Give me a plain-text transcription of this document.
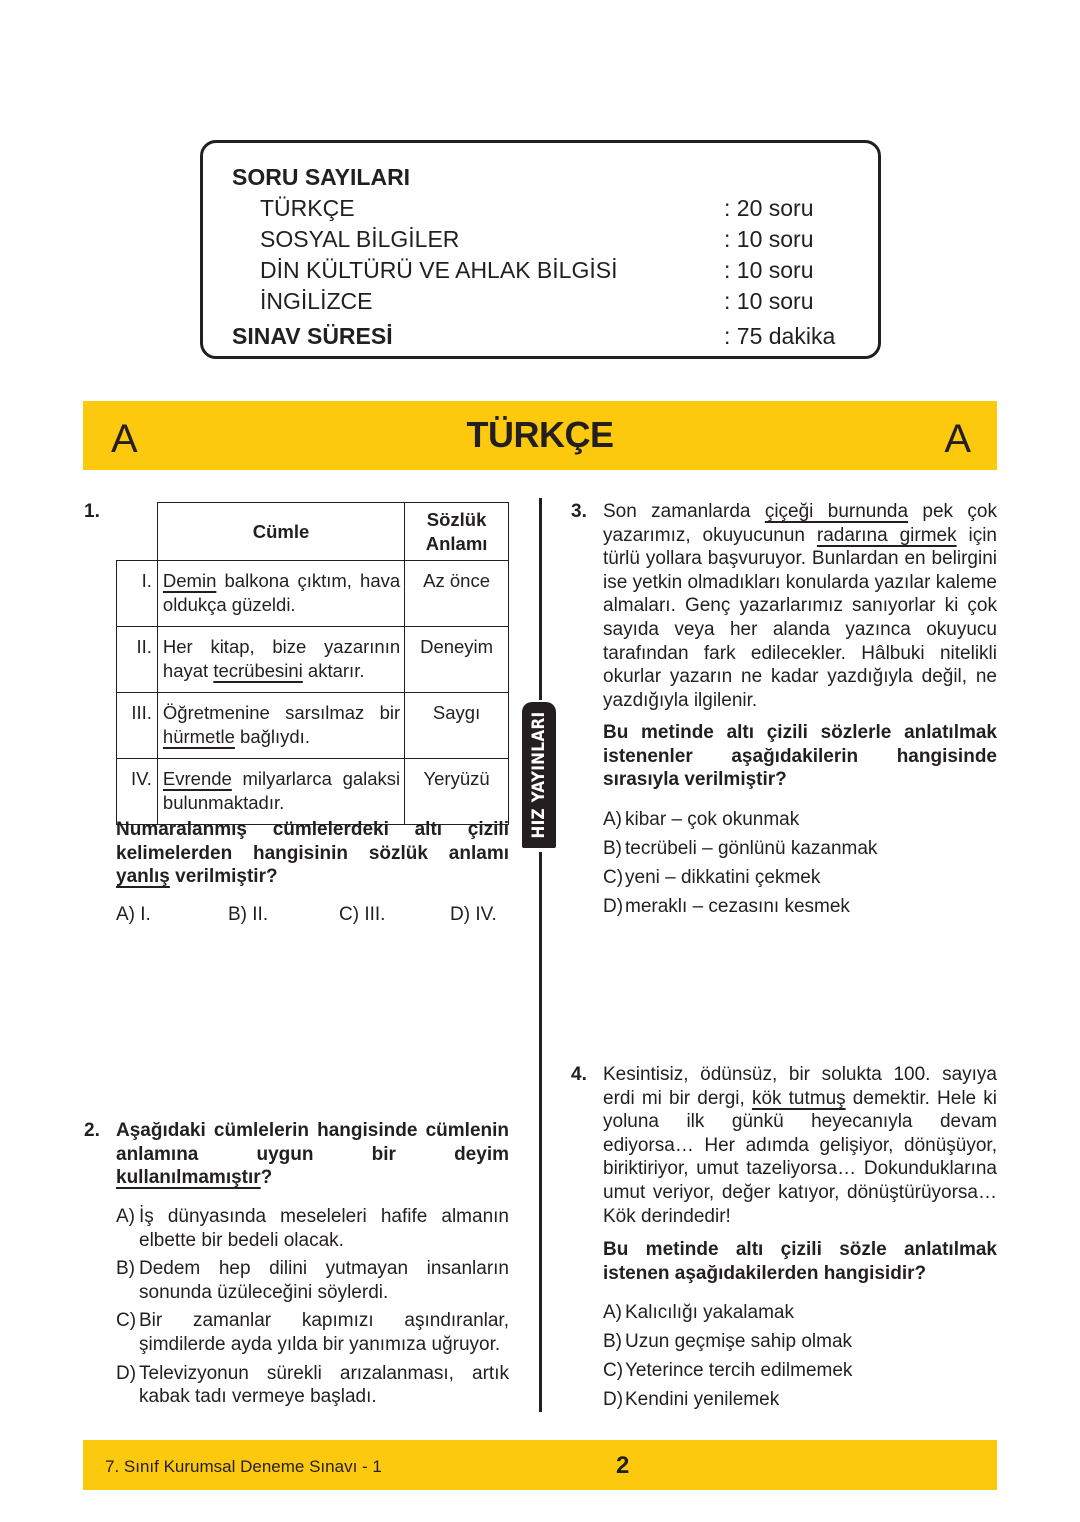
SORU SAYILARI
TÜRKÇE	: 20 soru
SOSYAL BİLGİLER	: 10 soru
DİN KÜLTÜRÜ VE AHLAK BİLGİSİ	: 10 soru
İNGİLİZCE	: 10 soru
SINAV SÜRESİ	: 75 dakika
A	TÜRKÇE	A
HIZ YAYINLARI
1.
	Cümle	Sözlük Anlamı
I.	Demin balkona çıktım, hava oldukça güzeldi.	Az önce
II.	Her kitap, bize yazarının hayat tecrübesini aktarır.	Deneyim
III.	Öğretmenine sarsılmaz bir hürmetle bağlıydı.	Saygı
IV.	Evrende milyarlarca galaksi bulunmaktadır.	Yeryüzü
Numaralanmış cümlelerdeki altı çizili kelimelerden hangisinin sözlük anlamı yanlış verilmiştir?
A) I.	B) II.	C) III.	D) IV.
2. Aşağıdaki cümlelerin hangisinde cümlenin anlamına uygun bir deyim kullanılmamıştır?
A) İş dünyasında meseleleri hafife almanın elbette bir bedeli olacak.
B) Dedem hep dilini yutmayan insanların sonunda üzüleceğini söylerdi.
C) Bir zamanlar kapımızı aşındıranlar, şimdilerde ayda yılda bir yanımıza uğruyor.
D) Televizyonun sürekli arızalanması, artık kabak tadı vermeye başladı.
3. Son zamanlarda çiçeği burnunda pek çok yazarımız, okuyucunun radarına girmek için türlü yollara başvuruyor. Bunlardan en belirgini ise yetkin olmadıkları konularda yazılar kaleme almaları. Genç yazarlarımız sanıyorlar ki çok sayıda veya her alanda yazınca okuyucu tarafından fark edilecekler. Hâlbuki nitelikli okurlar yazarın ne kadar yazdığıyla değil, ne yazdığıyla ilgilenir.
Bu metinde altı çizili sözlerle anlatılmak istenenler aşağıdakilerin hangisinde sırasıyla verilmiştir?
A) kibar – çok okunmak
B) tecrübeli – gönlünü kazanmak
C) yeni – dikkatini çekmek
D) meraklı – cezasını kesmek
4. Kesintisiz, ödünsüz, bir solukta 100. sayıya erdi mi bir dergi, kök tutmuş demektir. Hele ki yoluna ilk günkü heyecanıyla devam ediyorsa… Her adımda gelişiyor, dönüşüyor, biriktiriyor, umut tazeliyorsa… Dokunduklarına umut veriyor, değer katıyor, dönüştürüyorsa… Kök derindedir!
Bu metinde altı çizili sözle anlatılmak istenen aşağıdakilerden hangisidir?
A) Kalıcılığı yakalamak
B) Uzun geçmişe sahip olmak
C) Yeterince tercih edilmemek
D) Kendini yenilemek
7. Sınıf Kurumsal Deneme Sınavı - 1	2
